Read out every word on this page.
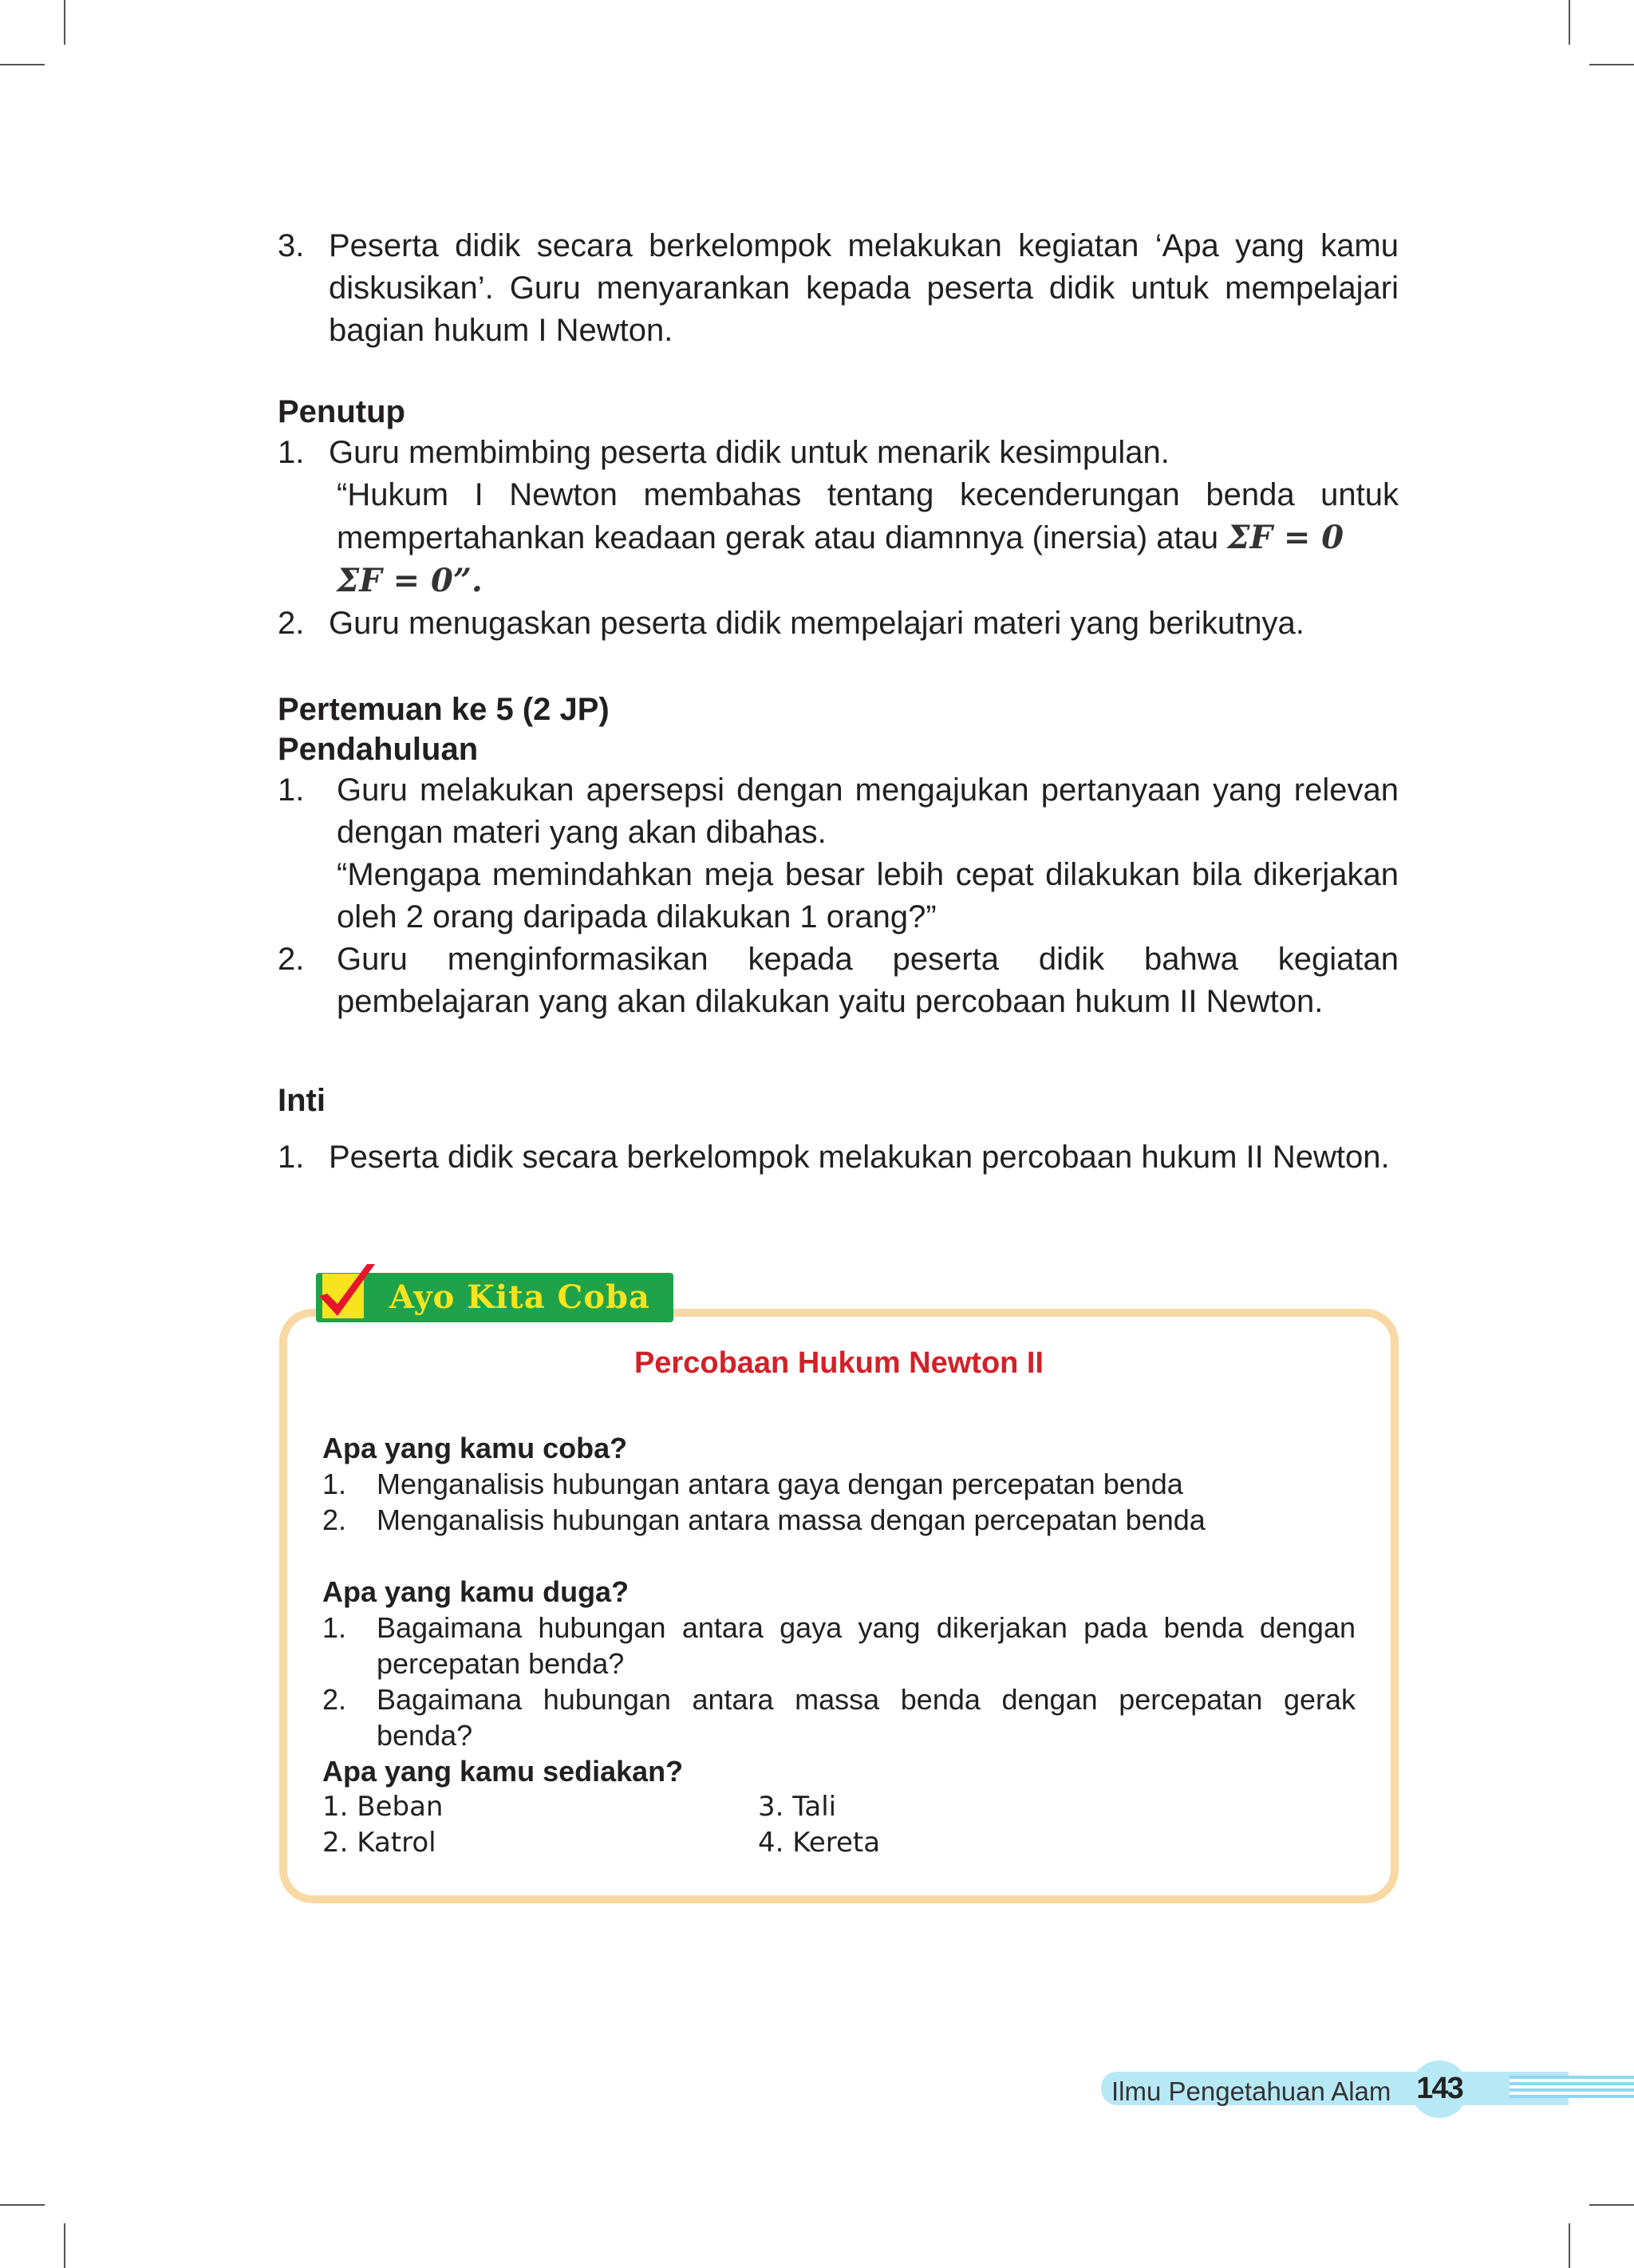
3. Peserta didik secara berkelompok melakukan kegiatan ‘Apa yang kamu diskusikan’. Guru menyarankan kepada peserta didik untuk mempelajari bagian hukum I Newton.
Penutup
1. Guru membimbing peserta didik untuk menarik kesimpulan.
“Hukum I Newton membahas tentang kecenderungan benda untuk mempertahankan keadaan gerak atau diamnnya (inersia) atau ΣF = 0
ΣF = 0”.
2. Guru menugaskan peserta didik mempelajari materi yang berikutnya.
Pertemuan ke 5 (2 JP)
Pendahuluan
1.	Guru melakukan apersepsi dengan mengajukan pertanyaan yang relevan dengan materi yang akan dibahas.
“Mengapa memindahkan meja besar lebih cepat dilakukan bila dikerjakan oleh 2 orang daripada dilakukan 1 orang?”
2.	Guru menginformasikan kepada peserta didik bahwa kegiatan pembelajaran yang akan dilakukan yaitu percobaan hukum II Newton.
Inti
1. Peserta didik secara berkelompok melakukan percobaan hukum II Newton.
Percobaan Hukum Newton II
Apa yang kamu coba?
1.	Menganalisis hubungan antara gaya dengan percepatan benda
2.	Menganalisis hubungan antara massa dengan percepatan benda
Apa yang kamu duga?
1.	Bagaimana hubungan antara gaya yang dikerjakan pada benda dengan percepatan benda?
2.	Bagaimana hubungan antara massa benda dengan percepatan gerak benda?
Apa yang kamu sediakan?
1. Beban	3. Tali
2. Katrol	4. Kereta
Ayo Kita Coba
Ilmu Pengetahuan Alam 143
